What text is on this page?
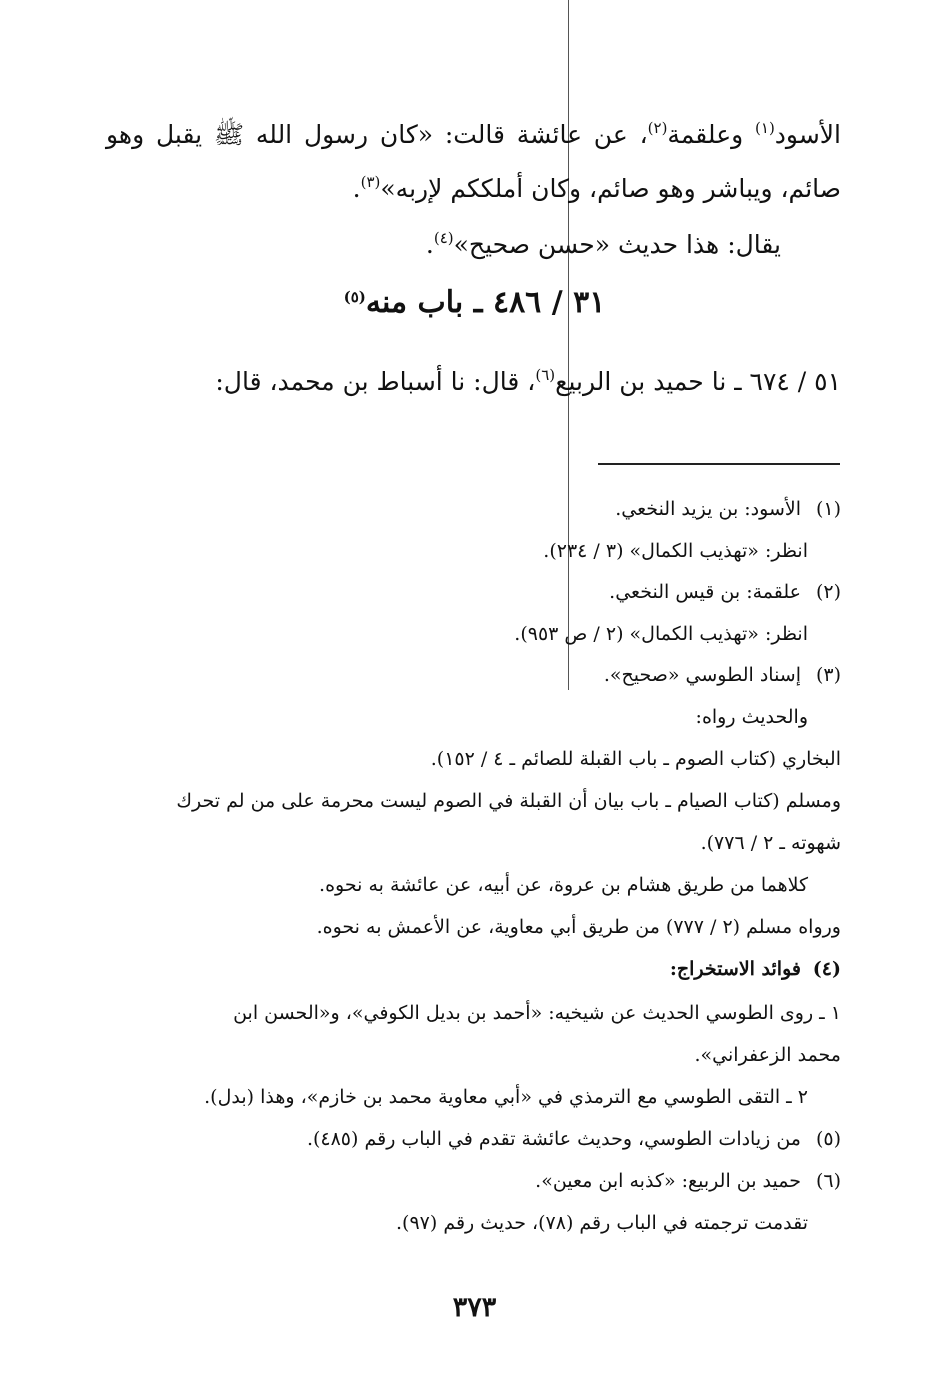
الأسود$^{(١)}$ وعلقمة$^{(٢)}$، عن عائشة قالت: «كان رسول الله ﷺ يقبل وهو صائم، ويباشر وهو صائم، وكان أملككم لإربه»$^{(٣)}$.
يقال: هذا حديث «حسن صحيح»$^{(٤)}$.
٣١ / ٤٨٦ ـ باب منه$^{(٥)}$
٥١ / ٦٧٤ ـ نا حميد بن الربيع$^{(٦)}$، قال: نا أسباط بن محمد، قال:
(١)الأسود: بن يزيد النخعي.
انظر: «تهذيب الكمال» (٣ / ٢٣٤).
(٢)علقمة: بن قيس النخعي.
انظر: «تهذيب الكمال» (٢ / ص ٩٥٣).
(٣)إسناد الطوسي «صحيح».
والحديث رواه:
البخاري (كتاب الصوم ـ باب القبلة للصائم ـ ٤ / ١٥٢).
ومسلم (كتاب الصيام ـ باب بيان أن القبلة في الصوم ليست محرمة على من لم تحرك
شهوته ـ ٢ / ٧٧٦).
كلاهما من طريق هشام بن عروة، عن أبيه، عن عائشة به نحوه.
ورواه مسلم (٢ / ٧٧٧) من طريق أبي معاوية، عن الأعمش به نحوه.
(٤)فوائد الاستخراج:
١ ـ روى الطوسي الحديث عن شيخيه: «أحمد بن بديل الكوفي»، و«الحسن ابن
محمد الزعفراني».
٢ ـ التقى الطوسي مع الترمذي في «أبي معاوية محمد بن خازم»، وهذا (بدل).
(٥)من زيادات الطوسي، وحديث عائشة تقدم في الباب رقم (٤٨٥).
(٦)حميد بن الربيع: «كذبه ابن معين».
تقدمت ترجمته في الباب رقم (٧٨)، حديث رقم (٩٧).
٣٧٣
